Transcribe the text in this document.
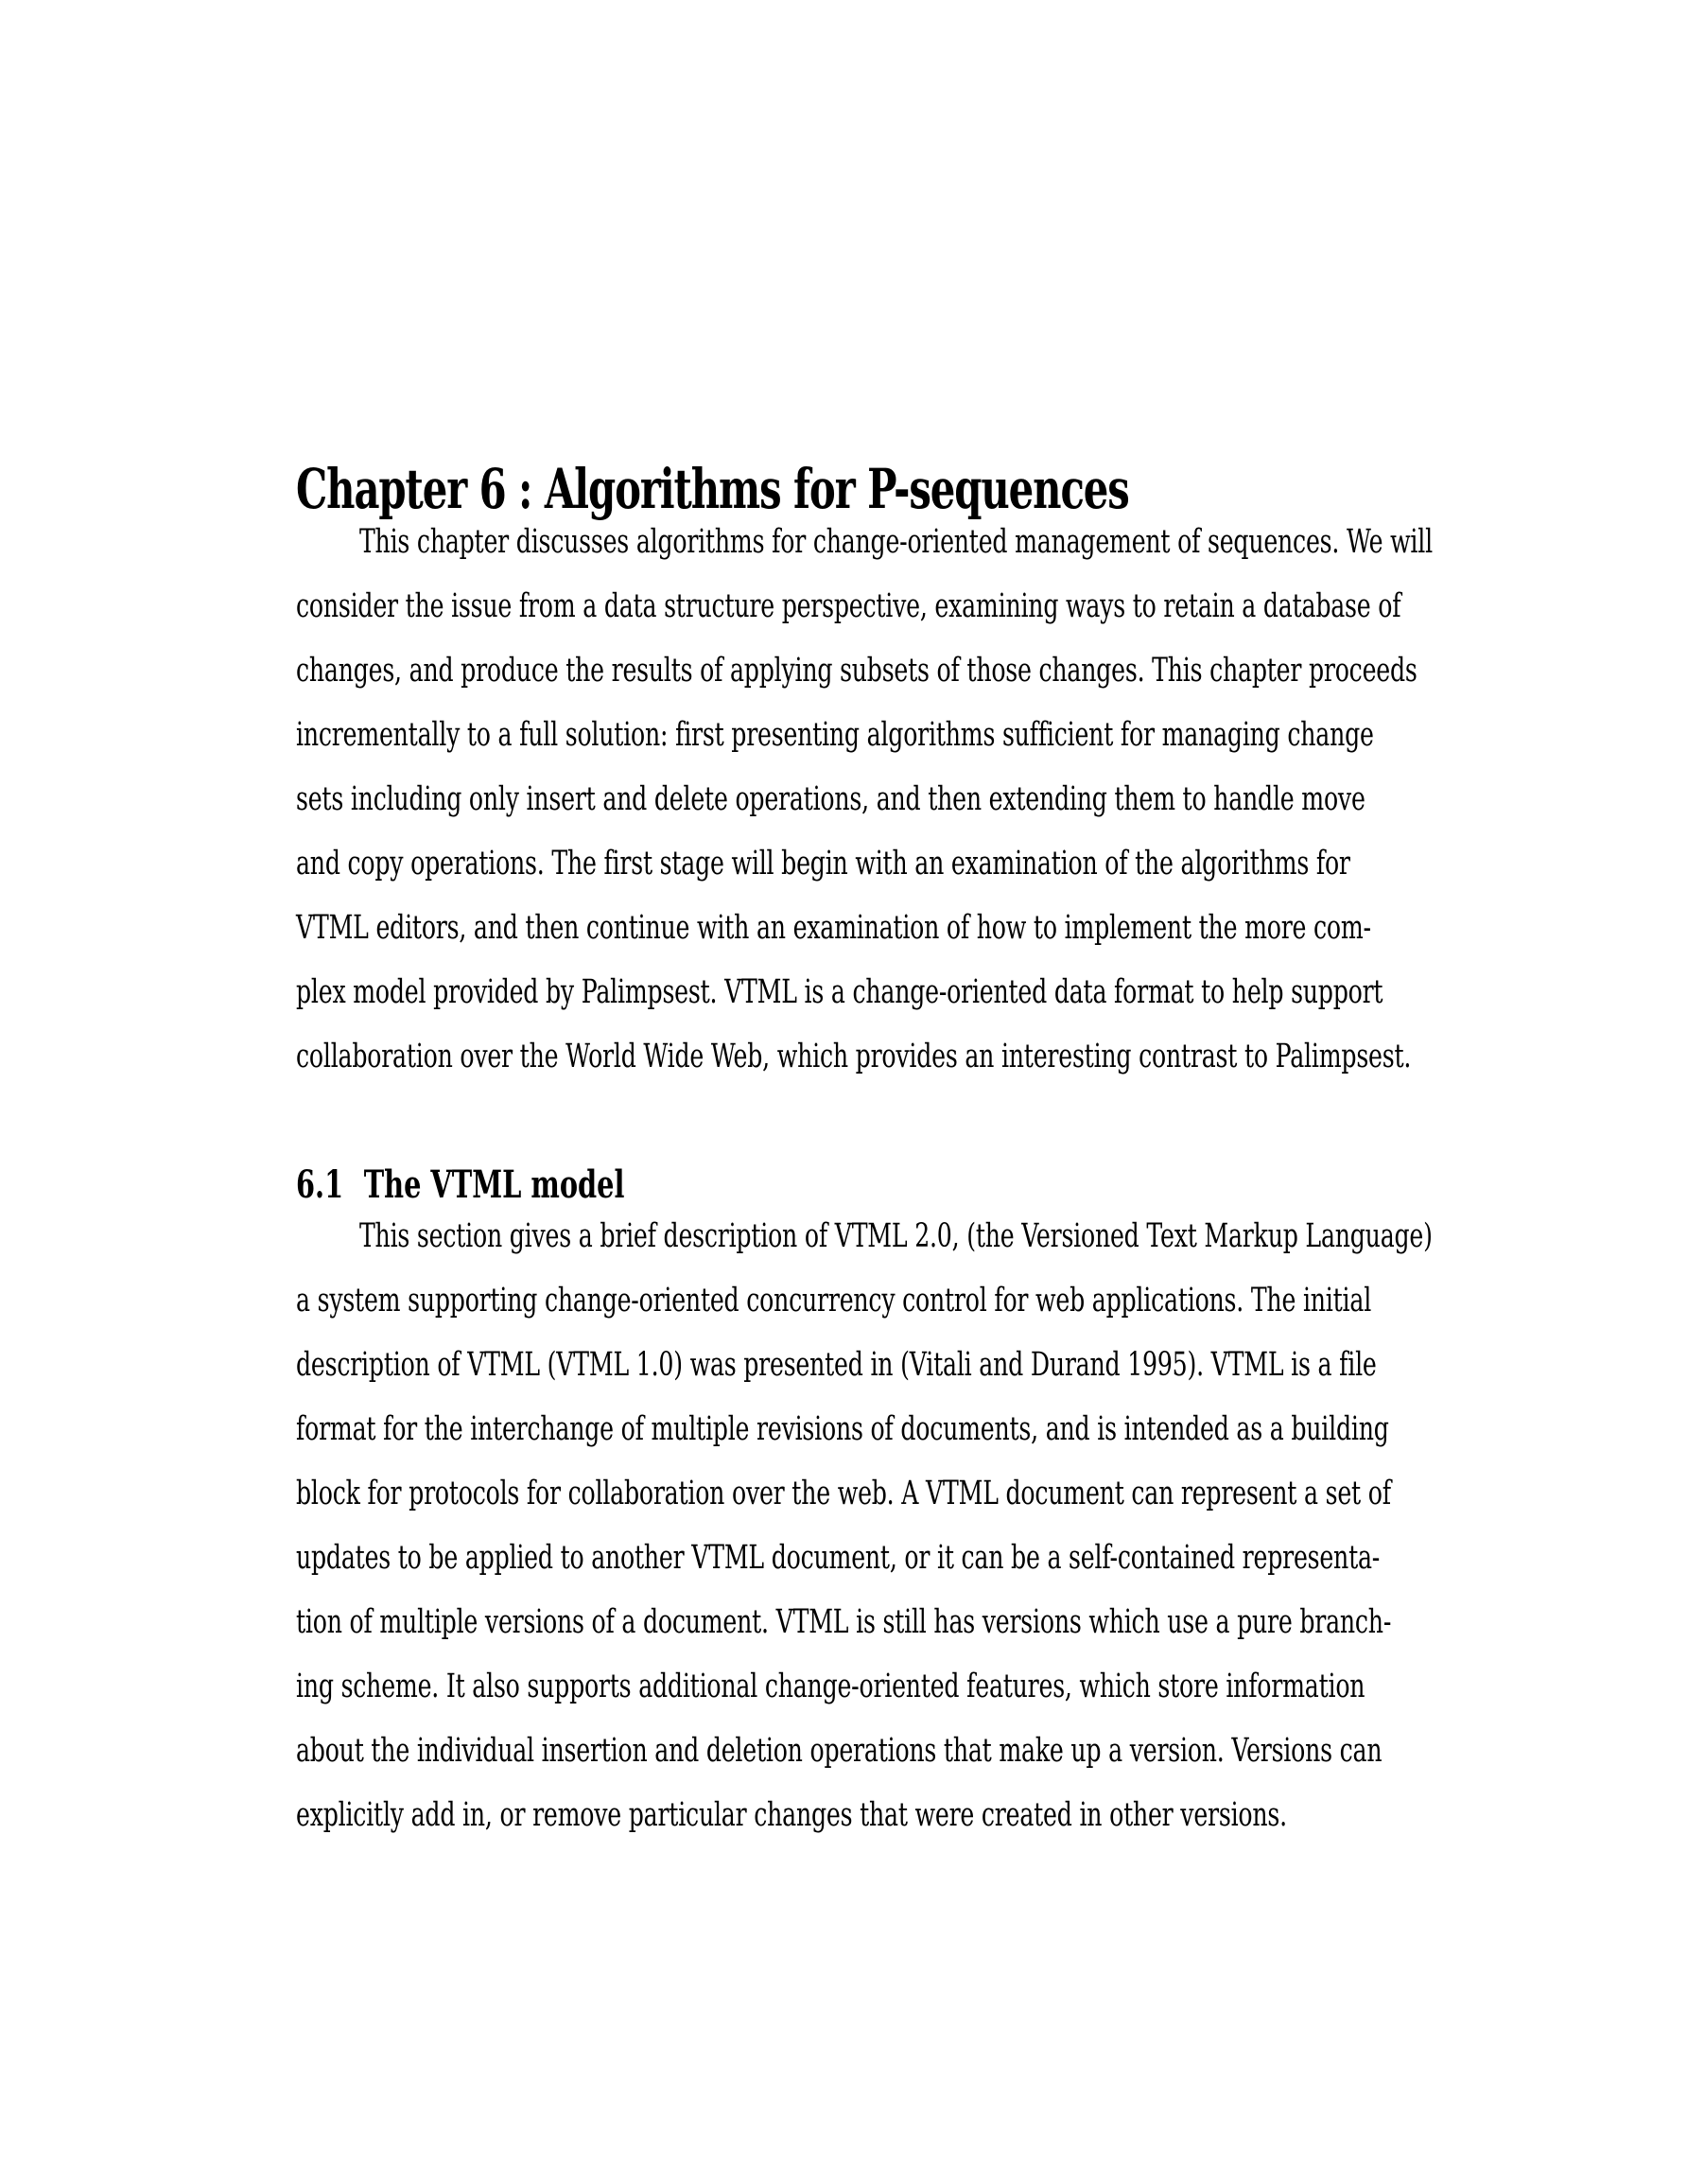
Chapter 6 : Algorithms for P-sequences
This chapter discusses algorithms for change-oriented management of sequences. We will
consider the issue from a data structure perspective, examining ways to retain a database of
changes, and produce the results of applying subsets of those changes. This chapter proceeds
incrementally to a full solution: first presenting algorithms sufficient for managing change
sets including only insert and delete operations, and then extending them to handle move
and copy operations. The first stage will begin with an examination of the algorithms for
VTML editors, and then continue with an examination of how to implement the more com-
plex model provided by Palimpsest. VTML is a change-oriented data format to help support
collaboration over the World Wide Web, which provides an interesting contrast to Palimpsest.
6.1 The VTML model
This section gives a brief description of VTML 2.0, (the Versioned Text Markup Language)
a system supporting change-oriented concurrency control for web applications. The initial
description of VTML (VTML 1.0) was presented in (Vitali and Durand 1995). VTML is a file
format for the interchange of multiple revisions of documents, and is intended as a building
block for protocols for collaboration over the web. A VTML document can represent a set of
updates to be applied to another VTML document, or it can be a self-contained representa-
tion of multiple versions of a document. VTML is still has versions which use a pure branch-
ing scheme. It also supports additional change-oriented features, which store information
about the individual insertion and deletion operations that make up a version. Versions can
explicitly add in, or remove particular changes that were created in other versions.
